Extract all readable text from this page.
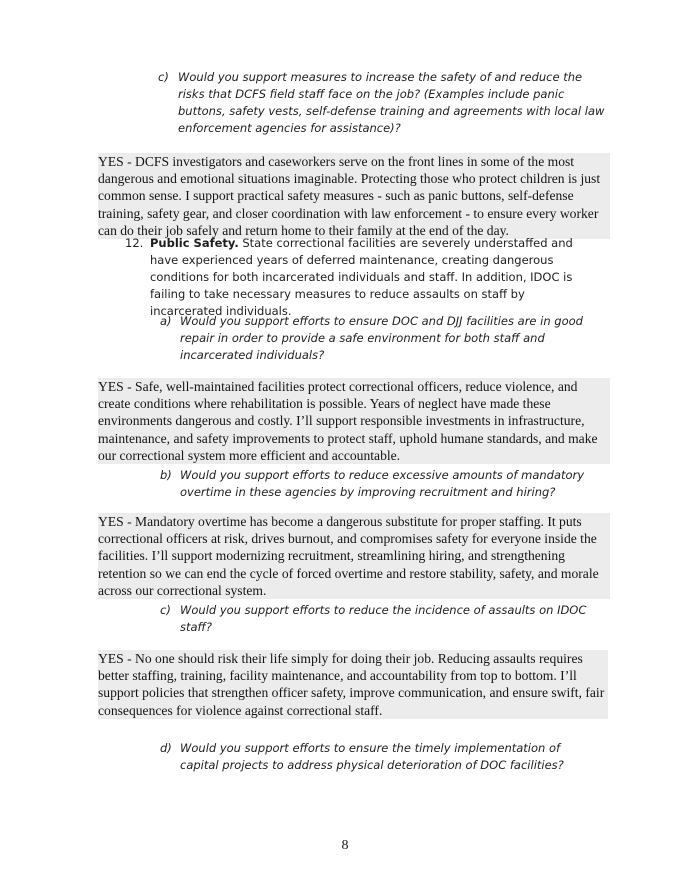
c) Would you support measures to increase the safety of and reduce the risks that DCFS field staff face on the job? (Examples include panic buttons, safety vests, self-defense training and agreements with local law enforcement agencies for assistance)?
YES - DCFS investigators and caseworkers serve on the front lines in some of the most dangerous and emotional situations imaginable. Protecting those who protect children is just common sense. I support practical safety measures - such as panic buttons, self-defense training, safety gear, and closer coordination with law enforcement - to ensure every worker can do their job safely and return home to their family at the end of the day.
12. Public Safety. State correctional facilities are severely understaffed and have experienced years of deferred maintenance, creating dangerous conditions for both incarcerated individuals and staff. In addition, IDOC is failing to take necessary measures to reduce assaults on staff by incarcerated individuals.
a) Would you support efforts to ensure DOC and DJJ facilities are in good repair in order to provide a safe environment for both staff and incarcerated individuals?
YES - Safe, well-maintained facilities protect correctional officers, reduce violence, and create conditions where rehabilitation is possible. Years of neglect have made these environments dangerous and costly. I’ll support responsible investments in infrastructure, maintenance, and safety improvements to protect staff, uphold humane standards, and make our correctional system more efficient and accountable.
b) Would you support efforts to reduce excessive amounts of mandatory overtime in these agencies by improving recruitment and hiring?
YES - Mandatory overtime has become a dangerous substitute for proper staffing. It puts correctional officers at risk, drives burnout, and compromises safety for everyone inside the facilities. I’ll support modernizing recruitment, streamlining hiring, and strengthening retention so we can end the cycle of forced overtime and restore stability, safety, and morale across our correctional system.
c) Would you support efforts to reduce the incidence of assaults on IDOC staff?
YES - No one should risk their life simply for doing their job. Reducing assaults requires better staffing, training, facility maintenance, and accountability from top to bottom. I’ll support policies that strengthen officer safety, improve communication, and ensure swift, fair consequences for violence against correctional staff.
d) Would you support efforts to ensure the timely implementation of capital projects to address physical deterioration of DOC facilities?
8
